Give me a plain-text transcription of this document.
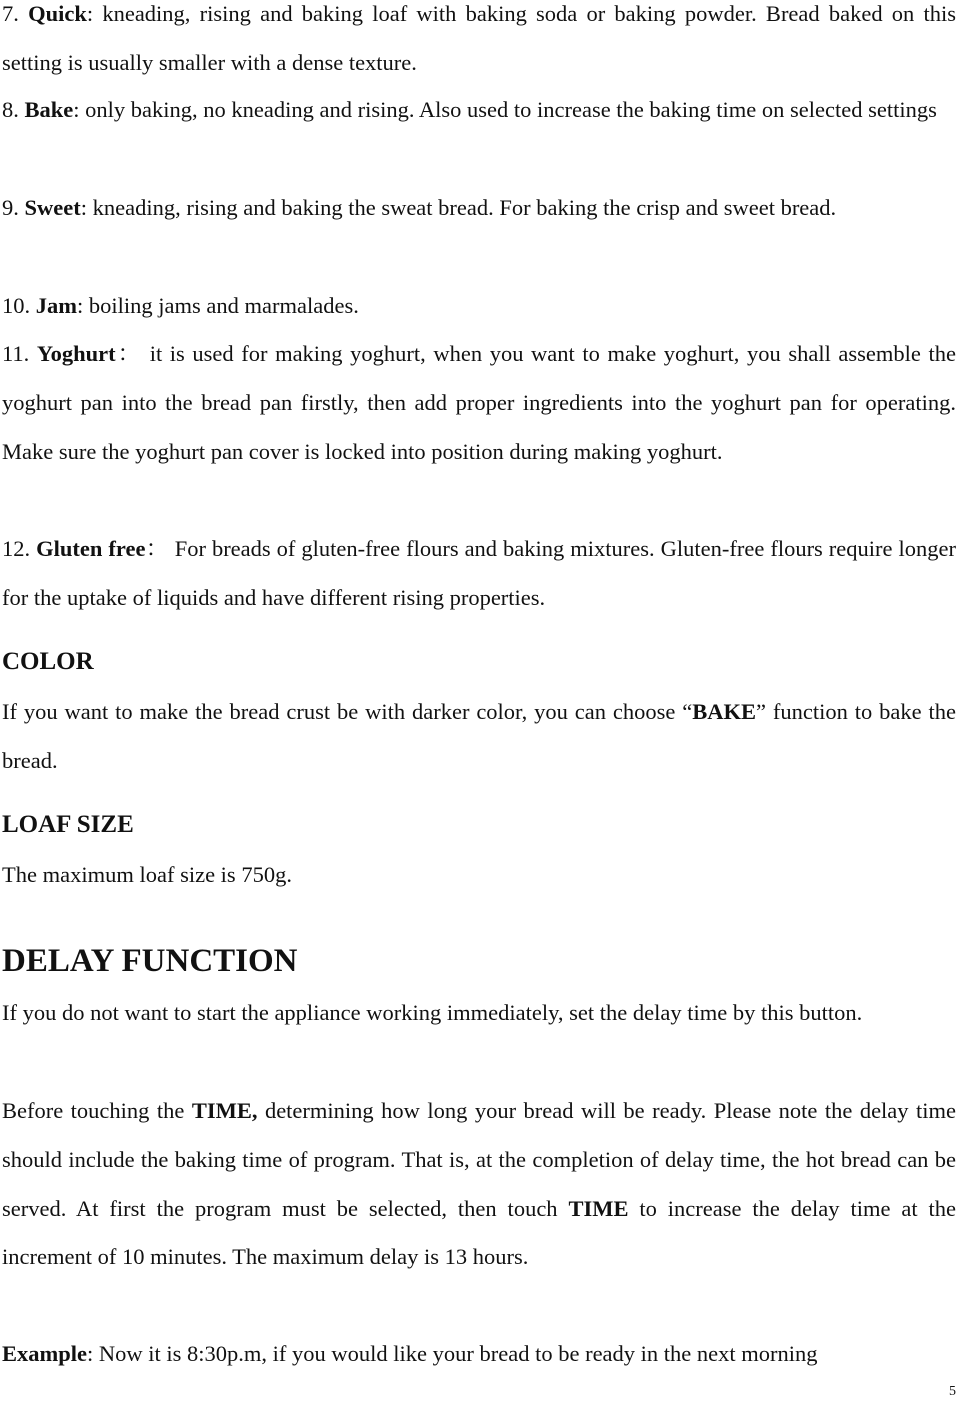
7. Quick: kneading, rising and baking loaf with baking soda or baking powder. Bread baked on this setting is usually smaller with a dense texture.

8. Bake: only baking, no kneading and rising. Also used to increase the baking time on selected settings

9. Sweet: kneading, rising and baking the sweat bread. For baking the crisp and sweet bread.

10. Jam: boiling jams and marmalades.

11. Yoghurt： it is used for making yoghurt, when you want to make yoghurt, you shall assemble the yoghurt pan into the bread pan firstly, then add proper ingredients into the yoghurt pan for operating. Make sure the yoghurt pan cover is locked into position during making yoghurt.

12. Gluten free： For breads of gluten-free flours and baking mixtures. Gluten-free flours require longer for the uptake of liquids and have different rising properties.

COLOR

If you want to make the bread crust be with darker color, you can choose “BAKE” function to bake the bread.

LOAF SIZE

The maximum loaf size is 750g.

DELAY FUNCTION

If you do not want to start the appliance working immediately, set the delay time by this button.

Before touching the TIME, determining how long your bread will be ready. Please note the delay time should include the baking time of program. That is, at the completion of delay time, the hot bread can be served. At first the program must be selected, then touch TIME to increase the delay time at the increment of 10 minutes. The maximum delay is 13 hours.

Example: Now it is 8:30p.m, if you would like your bread to be ready in the next morning

5
